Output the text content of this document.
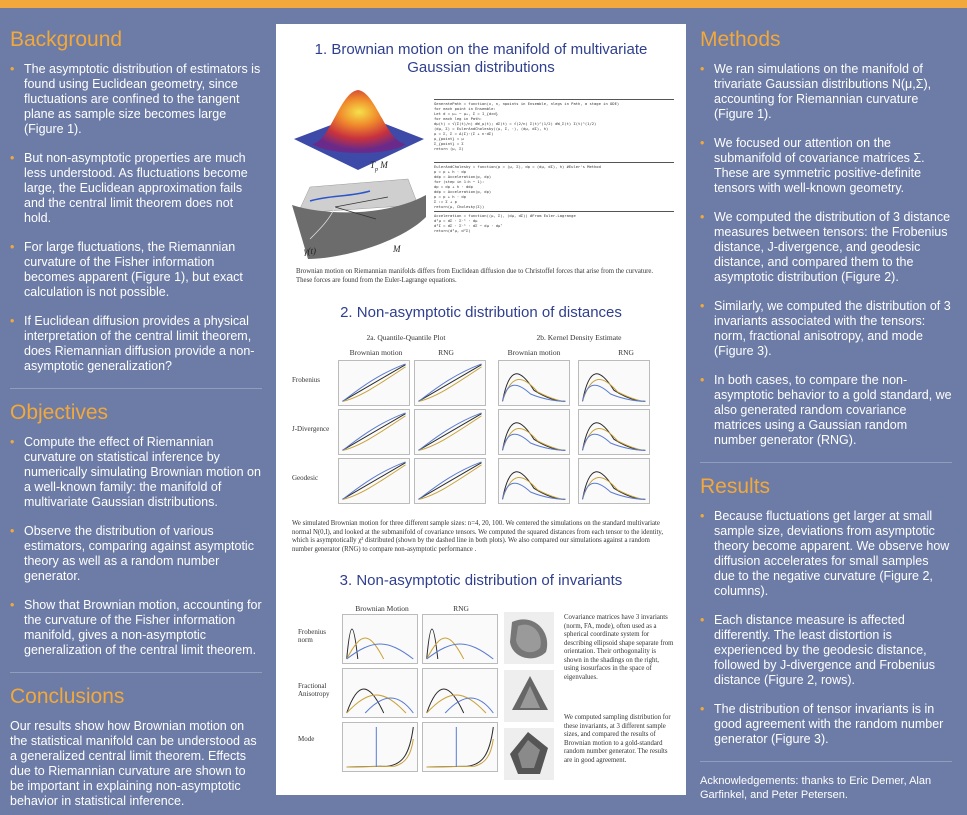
Background
• The asymptotic distribution of estimators is found using Euclidean geometry, since fluctuations are confined to the tangent plane as sample size becomes large (Figure 1).
• But non-asymptotic properties are much less understood. As fluctuations become large, the Euclidean approximation fails and the central limit theorem does not hold.
• For large fluctuations, the Riemannian curvature of the Fisher information becomes apparent (Figure 1), but exact calculation is not possible.
• If Euclidean diffusion provides a physical interpretation of the central limit theorem, does Riemannian diffusion provide a non-asymptotic generalization?
Objectives
• Compute the effect of Riemannian curvature on statistical inference by numerically simulating Brownian motion on a well-known family: the manifold of multivariate Gaussian distributions.
• Observe the distribution of various estimators, comparing against asymptotic theory as well as a random number generator.
• Show that Brownian motion, accounting for the curvature of the Fisher information manifold, gives a non-asymptotic generalization of the central limit theorem.
Conclusions

Our results show how Brownian motion on the statistical manifold can be understood as a generalized central limit theorem. Effects due to Riemannian curvature are shown to be important in explaining non-asymptotic behavior in statistical inference.

1. Brownian motion on the manifold of multivariate Gaussian distributions
$T_p$ M
γ(t)	M
GeneratePath = function(x, n, npoints in Ensemble, nlegs in Path, a stage in ODE)
for each point in Ensemble:
Let d = μ₀ − μ₀, Σ = I_{d×d}
for each leg in Path:
dμ(t) = √(Σ(t)/n) dW_μ(t); dΣ(t) = √(2/n) Σ(t)^(1/2) dW_Σ(t) Σ(t)^(1/2)
(dμ, Σ) = EulerAndCholesky((μ, Σ, ·), (dμ, dΣ), h)
μ = Σ, Σ = Δ(Σ)·(Σ + n·dΣ)
μ_{point} = μ
Σ_{point} = Σ
return (μ, Σ)
EulerAndCholesky = function(p = (μ, Σ), dp = (dμ, dΣ), h) #Euler's Method
p = p + h · dp
ddp = Acceleration(p, dp)
for (step in 1:h − 1):
dp = dp + h · ddp
ddp = Acceleration(p, dp)
p = p + h · dp
Σ := Σ + p
return(μ, Cholesky(Σ))
Acceleration = function((μ, Σ), (dμ, dΣ)) #From Euler-Lagrange
d²μ = dΣ · Σ⁻¹ · dμ
d²Σ = dΣ · Σ⁻¹ · dΣ − dμ · dμᵀ
return(d²μ, d²Σ)
Brownian motion on Riemannian manifolds differs from Euclidean diffusion due to Christoffel forces that arise from the curvature. These forces are found from the Euler-Lagrange equations.
2. Non-asymptotic distribution of distances
2a. Quantile-Quantile Plot	2b. Kernel Density Estimate
Brownian motion	RNG	Brownian motion	RNG
Frobenius
J-Divergence
Geodesic
We simulated Brownian motion for three different sample sizes: n=4, 20, 100. We centered the simulations on the standard multivariate normal N(0,I), and looked at the submanifold of covariance tensors. We computed the squared distances from each tensor to the identity, which is asymptotically χ² distributed (shown by the dashed line in both plots). We also compared our simulations against a random number generator (RNG) to compare non-asymptotic performance .
3. Non-asymptotic distribution of invariants
Brownian Motion	RNG
Frobenius norm
Fractional Anisotropy
Mode
Covariance matrices have 3 invariants (norm, FA, mode), often used as a spherical coordinate system for describing ellipsoid shape separate from orientation. Their orthogonality is shown in the shadings on the right, using isosurfaces in the space of eigenvalues.
We computed sampling distribution for these invariants, at 3 different sample sizes, and compared the results of Brownian motion to a gold-standard random number generator. The results are in good agreement.
Methods
• We ran simulations on the manifold of trivariate Gaussian distributions N(μ,Σ), accounting for Riemannian curvature (Figure 1).
• We focused our attention on the submanifold of covariance matrices Σ. These are symmetric positive-definite tensors with well-known geometry.
• We computed the distribution of 3 distance measures between tensors: the Frobenius distance, J-divergence, and geodesic distance, and compared them to the asymptotic distribution (Figure 2).
• Similarly, we computed the distribution of 3 invariants associated with the tensors: norm, fractional anisotropy, and mode (Figure 3).
• In both cases, to compare the non-asymptotic behavior to a gold standard, we also generated random covariance matrices using a Gaussian random number generator (RNG).
Results
• Because fluctuations get larger at small sample size, deviations from asymptotic theory become apparent. We observe how diffusion accelerates for small samples due to the negative curvature (Figure 2, columns).
• Each distance measure is affected differently. The least distortion is experienced by the geodesic distance, followed by J-divergence and Frobenius distance (Figure 2, rows).
• The distribution of tensor invariants is in good agreement with the random number generator (Figure 3).

Acknowledgements: thanks to Eric Demer, Alan Garfinkel, and Peter Petersen.
